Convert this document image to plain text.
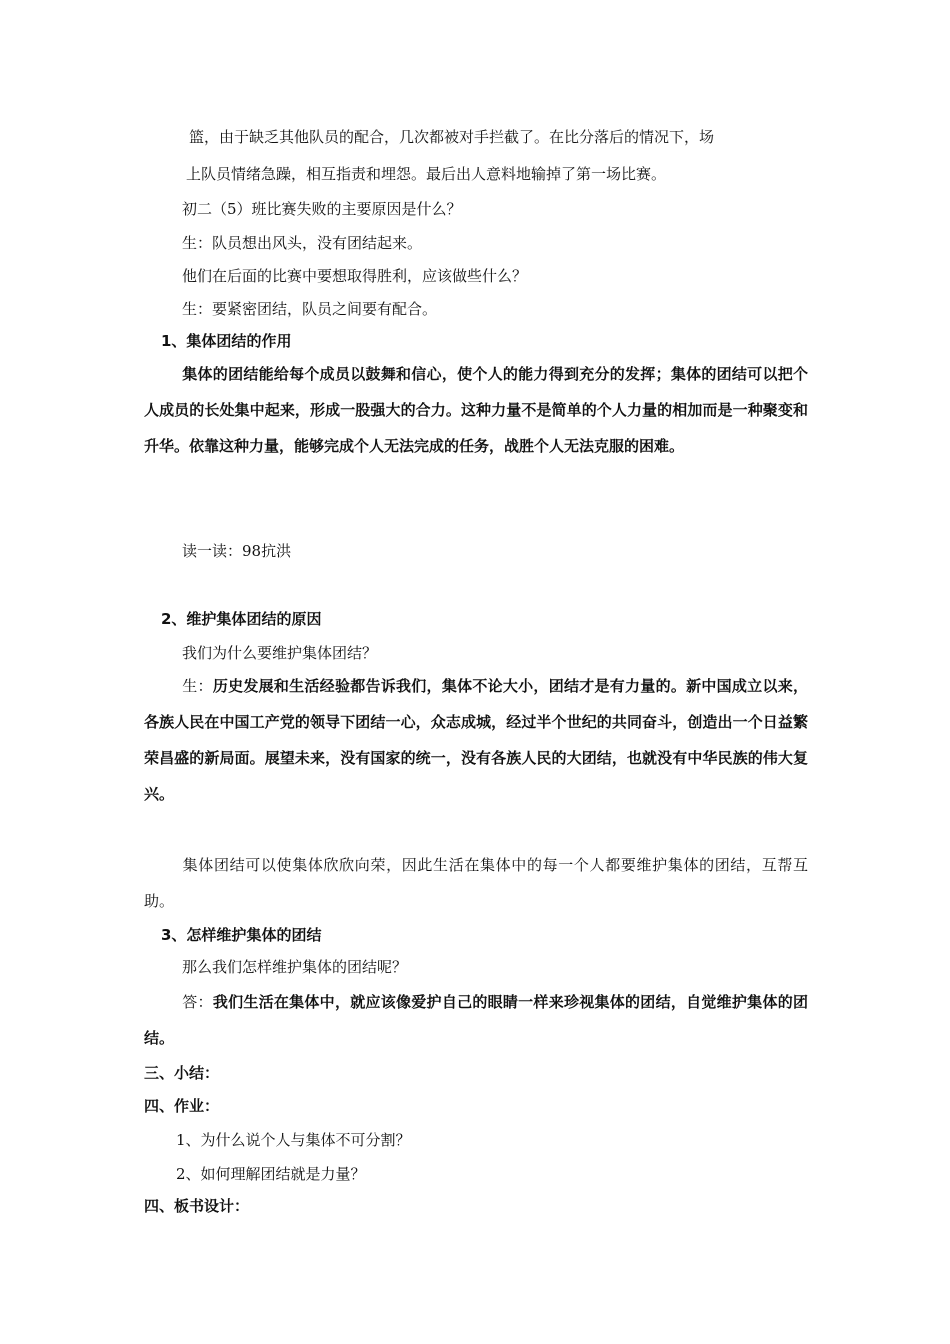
篮，由于缺乏其他队员的配合，几次都被对手拦截了。在比分落后的情况下，场
上队员情绪急躁，相互指责和埋怨。最后出人意料地输掉了第一场比赛。
初二（5）班比赛失败的主要原因是什么？
生：队员想出风头，没有团结起来。
他们在后面的比赛中要想取得胜利，应该做些什么？
生：要紧密团结，队员之间要有配合。
1、集体团结的作用
集体的团结能给每个成员以鼓舞和信心，使个人的能力得到充分的发挥；集体的团结可以把个人成员的长处集中起来，形成一股强大的合力。这种力量不是简单的个人力量的相加而是一种聚变和升华。依靠这种力量，能够完成个人无法完成的任务，战胜个人无法克服的困难。
读一读：98抗洪
2、维护集体团结的原因
我们为什么要维护集体团结？
生：历史发展和生活经验都告诉我们，集体不论大小，团结才是有力量的。新中国成立以来，各族人民在中国工产党的领导下团结一心，众志成城，经过半个世纪的共同奋斗，创造出一个日益繁荣昌盛的新局面。展望未来，没有国家的统一，没有各族人民的大团结，也就没有中华民族的伟大复兴。
集体团结可以使集体欣欣向荣，因此生活在集体中的每一个人都要维护集体的团结，互帮互助。
3、怎样维护集体的团结
那么我们怎样维护集体的团结呢？
答：我们生活在集体中，就应该像爱护自己的眼睛一样来珍视集体的团结，自觉维护集体的团结。
三、小结：
四、作业：
1、为什么说个人与集体不可分割？
2、如何理解团结就是力量？
四、板书设计：
